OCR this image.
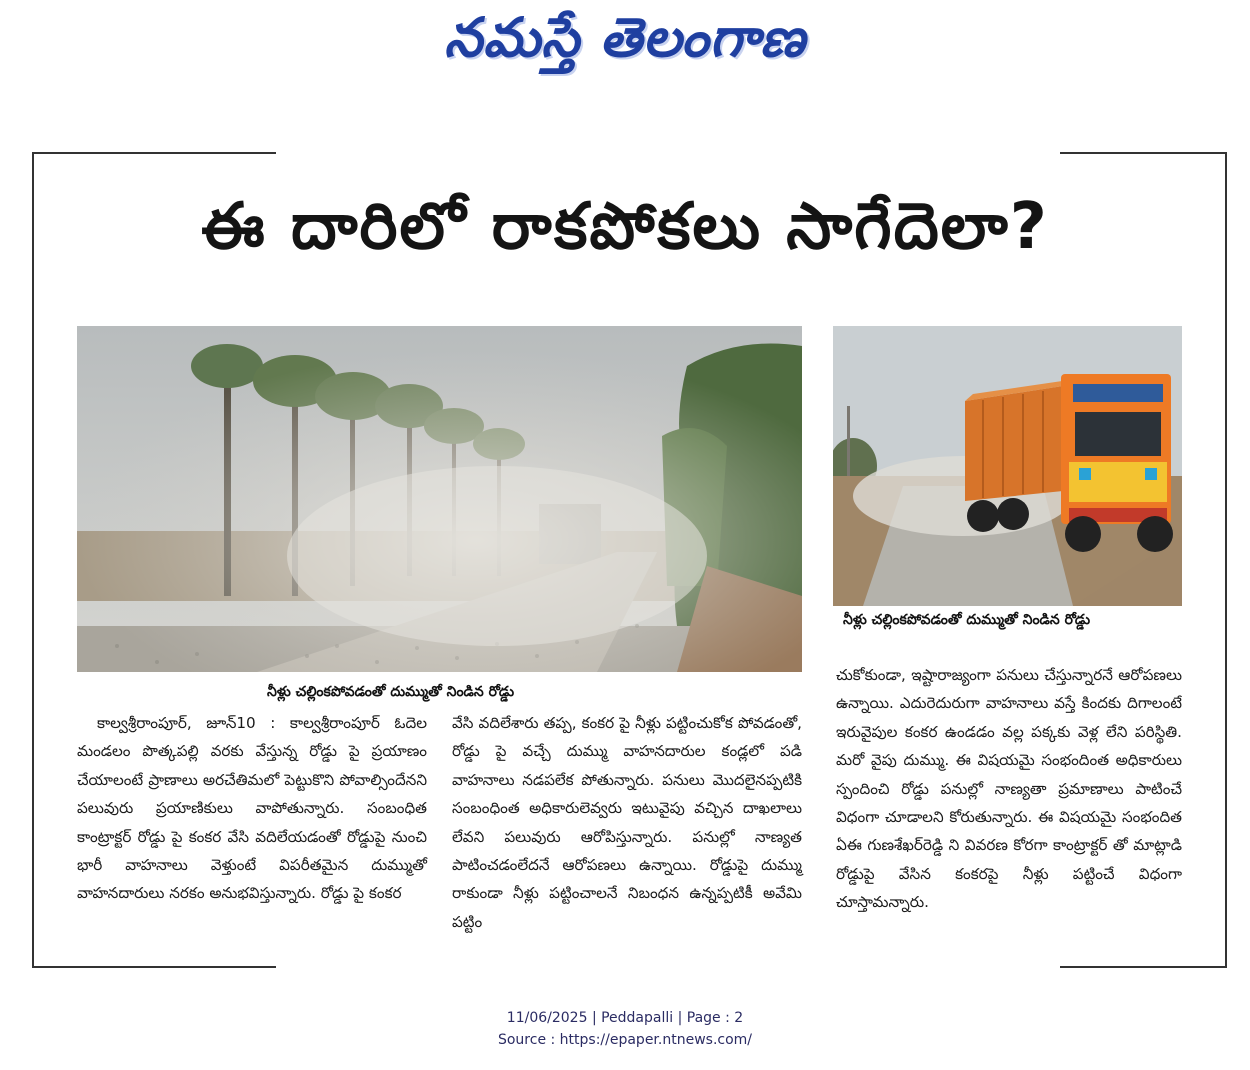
నమస్తే తెలంగాణ
ఈ దారిలో రాకపోకలు సాగేదెలా?
నీళ్లు చల్లింకపోవడంతో దుమ్ముతో నిండిన రోడ్డు
నీళ్లు చల్లింకపోవడంతో దుమ్ముతో నిండిన రోడ్డు
కాల్వశ్రీరాంపూర్, జూన్10 : కాల్వశ్రీరాంపూర్ ఓదెల మండలం పొత్కపల్లి వరకు వేస్తున్న రోడ్డు పై ప్రయాణం చేయాలంటే ప్రాణాలు అరచేతిమలో పెట్టుకొని పోవాల్సిందేనని పలువురు ప్రయాణికులు వాపోతున్నారు. సంబంధిత కాంట్రాక్టర్ రోడ్డు పై కంకర వేసి వదిలేయడంతో రోడ్డుపై నుంచి భారీ వాహనాలు వెళ్తుంటే విపరీతమైన దుమ్ముతో వాహనదారులు నరకం అనుభవిస్తున్నారు. రోడ్డు పై కంకర
వేసి వదిలేశారు తప్ప, కంకర పై నీళ్లు పట్టించుకోక పోవడంతో, రోడ్డు పై వచ్చే దుమ్ము వాహనదారుల కండ్లలో పడి వాహనాలు నడపలేక పోతున్నారు. పనులు మొదలైనప్పటికి సంబంధింత అధికారులెవ్వరు ఇటువైపు వచ్చిన దాఖలాలు లేవని పలువురు ఆరోపిస్తున్నారు. పనుల్లో నాణ్యత పాటించడంలేదనే ఆరోపణలు ఉన్నాయి. రోడ్డుపై దుమ్ము రాకుండా నీళ్లు పట్టించాలనే నిబంధన ఉన్నప్పటికీ అవేమి పట్టిం
చుకోకుండా, ఇష్టారాజ్యంగా పనులు చేస్తున్నారనే ఆరోపణలు ఉన్నాయి. ఎదురెదురుగా వాహనాలు వస్తే కిందకు దిగాలంటే ఇరువైపుల కంకర ఉండడం వల్ల పక్కకు వెళ్ల లేని పరిస్థితి. మరో వైపు దుమ్ము. ఈ విషయమై సంభందింత అధికారులు స్పందించి రోడ్డు పనుల్లో నాణ్యతా ప్రమాణాలు పాటించే విధంగా చూడాలని కోరుతున్నారు. ఈ విషయమై సంభందిత ఏఈ గుణశేఖర్‌రెడ్డి ని వివరణ కోరగా కాంట్రాక్టర్ తో మాట్లాడి రోడ్డుపై వేసిన కంకరపై నీళ్లు పట్టించే విధంగా చూస్తామన్నారు.
11/06/2025 | Peddapalli | Page : 2
Source : https://epaper.ntnews.com/
